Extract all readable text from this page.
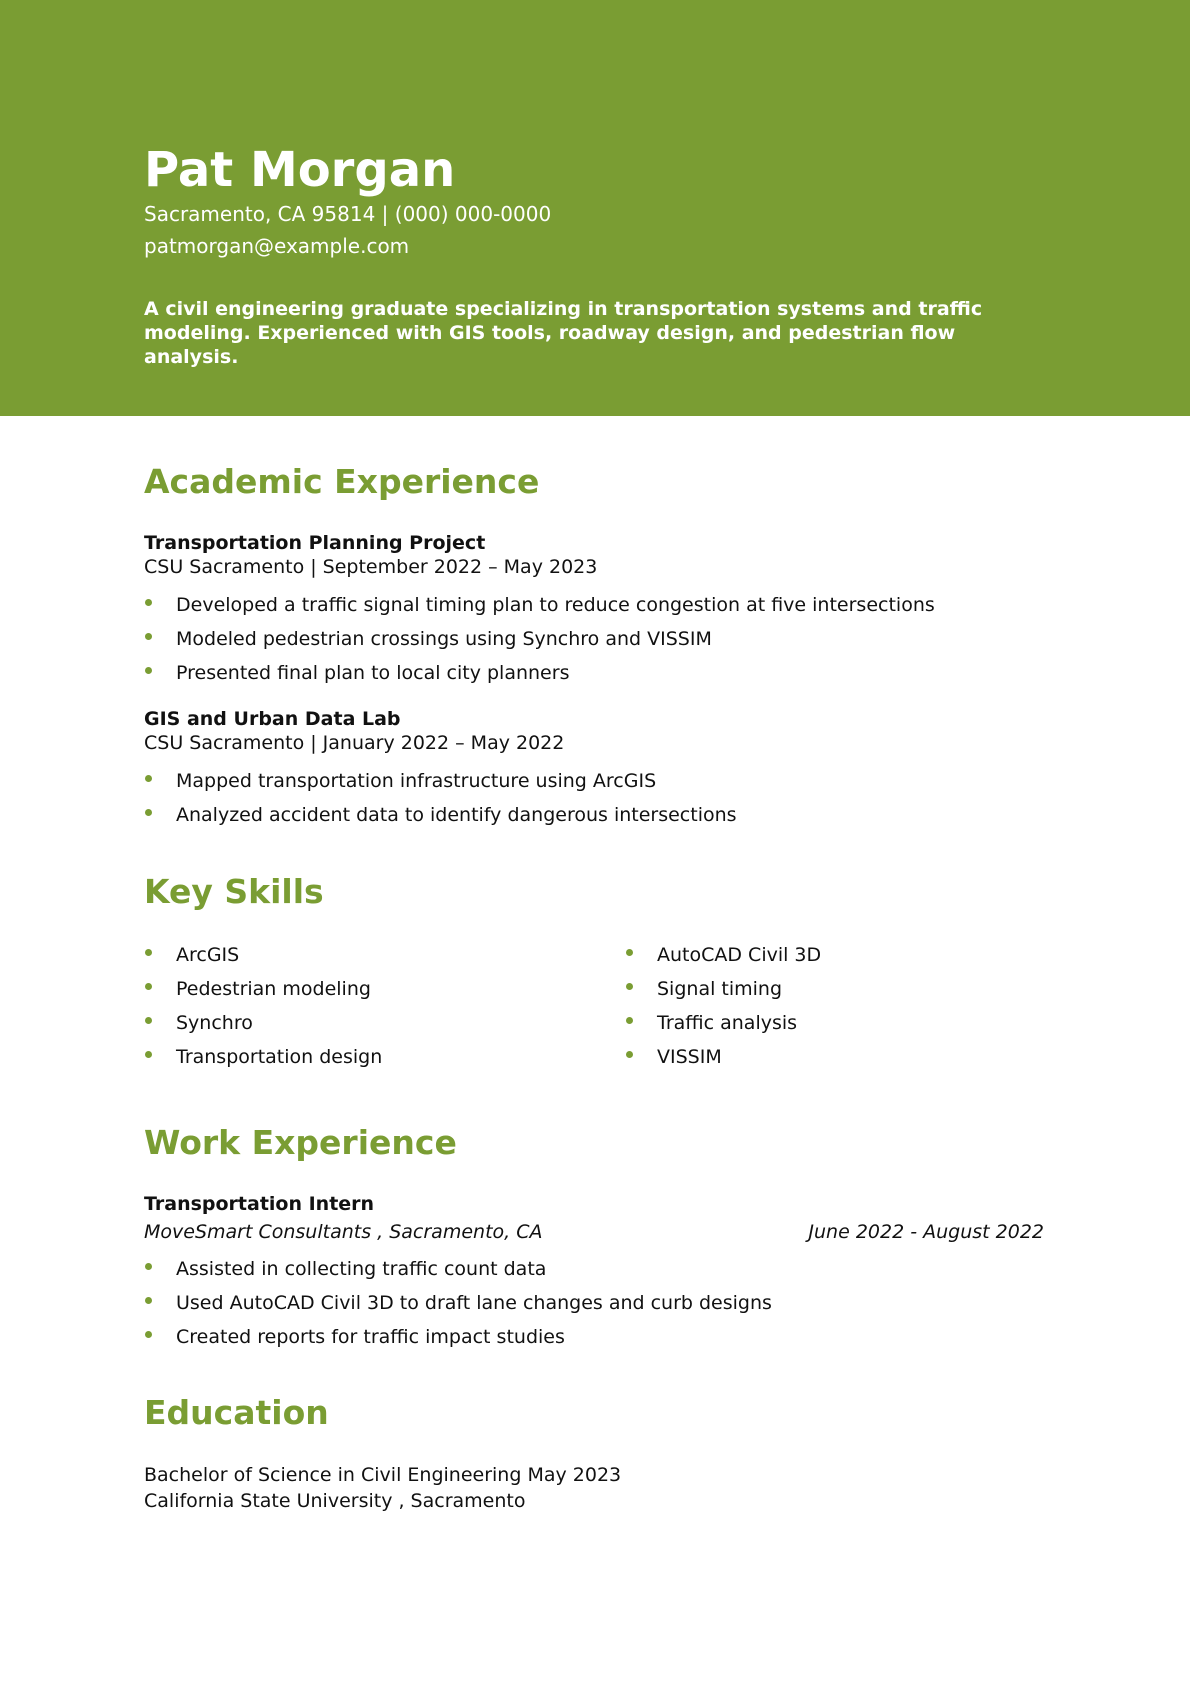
Pat Morgan
Sacramento, CA 95814 | (000) 000-0000
patmorgan@example.com
A civil engineering graduate specializing in transportation systems and traffic modeling. Experienced with GIS tools, roadway design, and pedestrian flow analysis.
Academic Experience
Transportation Planning Project
CSU Sacramento | September 2022 – May 2023
Developed a traffic signal timing plan to reduce congestion at five intersections
Modeled pedestrian crossings using Synchro and VISSIM
Presented final plan to local city planners
GIS and Urban Data Lab
CSU Sacramento | January 2022 – May 2022
Mapped transportation infrastructure using ArcGIS
Analyzed accident data to identify dangerous intersections
Key Skills
ArcGIS
Pedestrian modeling
Synchro
Transportation design
AutoCAD Civil 3D
Signal timing
Traffic analysis
VISSIM
Work Experience
Transportation Intern
MoveSmart Consultants , Sacramento, CA	June 2022 - August 2022
Assisted in collecting traffic count data
Used AutoCAD Civil 3D to draft lane changes and curb designs
Created reports for traffic impact studies
Education
Bachelor of Science in Civil Engineering May 2023
California State University , Sacramento
